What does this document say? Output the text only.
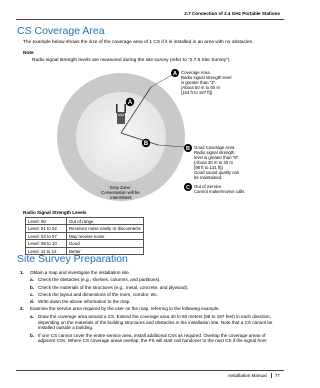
2.7 Connection of 2.4 GHz Portable Stations
CS Coverage Area
The example below shows the size of the coverage area of 1 CS if it is installed in an area with no obstacles.
Note
Radio signal strength levels are measured during the site survey (refer to "2.7.5 Site Survey").
A
B
A Coverage Area Radio signal strength level is greater than "3". (About 50 m to 60 m [164 ft to 197 ft])
B Good Coverage Area Radio signal strength level is greater than "8". (About 30 m to 40 m [98 ft to 131 ft]) Good sound quality can be maintained.
C Out of Service Cannot make/receive calls
Gray Zone: Conversation will be intermittent
Radio Signal Strength Levels
Level: 00	Out of range
Level: 01 to 02	Receives noise easily or disconnects
Level: 03 to 07	May receive noise
Level: 08 to 10	Good
Level: 11 to 12	Better
Site Survey Preparation
1.	Obtain a map and investigate the installation site.
a. Check the obstacles (e.g., shelves, columns, and partitions).
b. Check the materials of the structures (e.g., metal, concrete, and plywood).
c. Check the layout and dimensions of the room, corridor, etc.
d. Write down the above information to the map.
2.	Examine the service area required by the user on the map, referring to the following example.
a. Draw the coverage area around a CS. Extend the coverage area 30 to 60 meters (98 to 197 feet) in each direction, depending on the materials of the building structures and obstacles in the installation site. Note that a CS cannot be installed outside a building.
b. If one CS cannot cover the entire service area, install additional CSs as required. Overlap the coverage areas of adjacent CSs. Where CS coverage areas overlap, the PS will start call handover to the next CS if the signal from
Installation Manual 77
